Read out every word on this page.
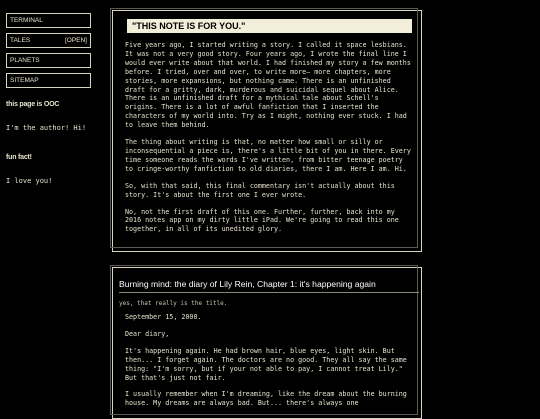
TERMINAL
TALES	[OPEN]
PLANETS
SITEMAP
this page is OOC
I'm the author! Hi!
fun fact!
I love you!
"THIS NOTE IS FOR YOU."

Five years ago, I started writing a story. I called it space lesbians. It was not a very good story. Four years ago, I wrote the final line I would ever write about that world. I had finished my story a few months before. I tried, over and over, to write more— more chapters, more stories, more expansions, but nothing came. There is an unfinished draft for a gritty, dark, murderous and suicidal sequel about Alice. There is an unfinished draft for a mythical tale about Schell's origins. There is a lot of awful fanfiction that I inserted the characters of my world into. Try as I might, nothing ever stuck. I had to leave them behind.

The thing about writing is that, no matter how small or silly or inconsequential a piece is, there's a little bit of you in there. Every time someone reads the words I've written, from bitter teenage poetry to cringe-worthy fanfiction to old diaries, there I am. Here I am. Hi.

So, with that said, this final commentary isn't actually about this story. It's about the first one I ever wrote.

No, not the first draft of this one. Further, further, back into my 2016 notes app on my dirty little iPad. We're going to read this one together, in all of its unedited glory.

Burning mind: the diary of Lily Rein, Chapter 1: it's happening again
yes, that really is the title.

September 15, 2000.

Dear diary,

It's happening again. He had brown hair, blue eyes, light skin. But then... I forget again. The doctors are no good. They all say the same thing: "I'm sorry, but if your not able to pay, I cannot treat Lily." But that's just not fair.

I usually remember when I'm dreaming, like the dream about the burning house. My dreams are always bad. But... there's always one
